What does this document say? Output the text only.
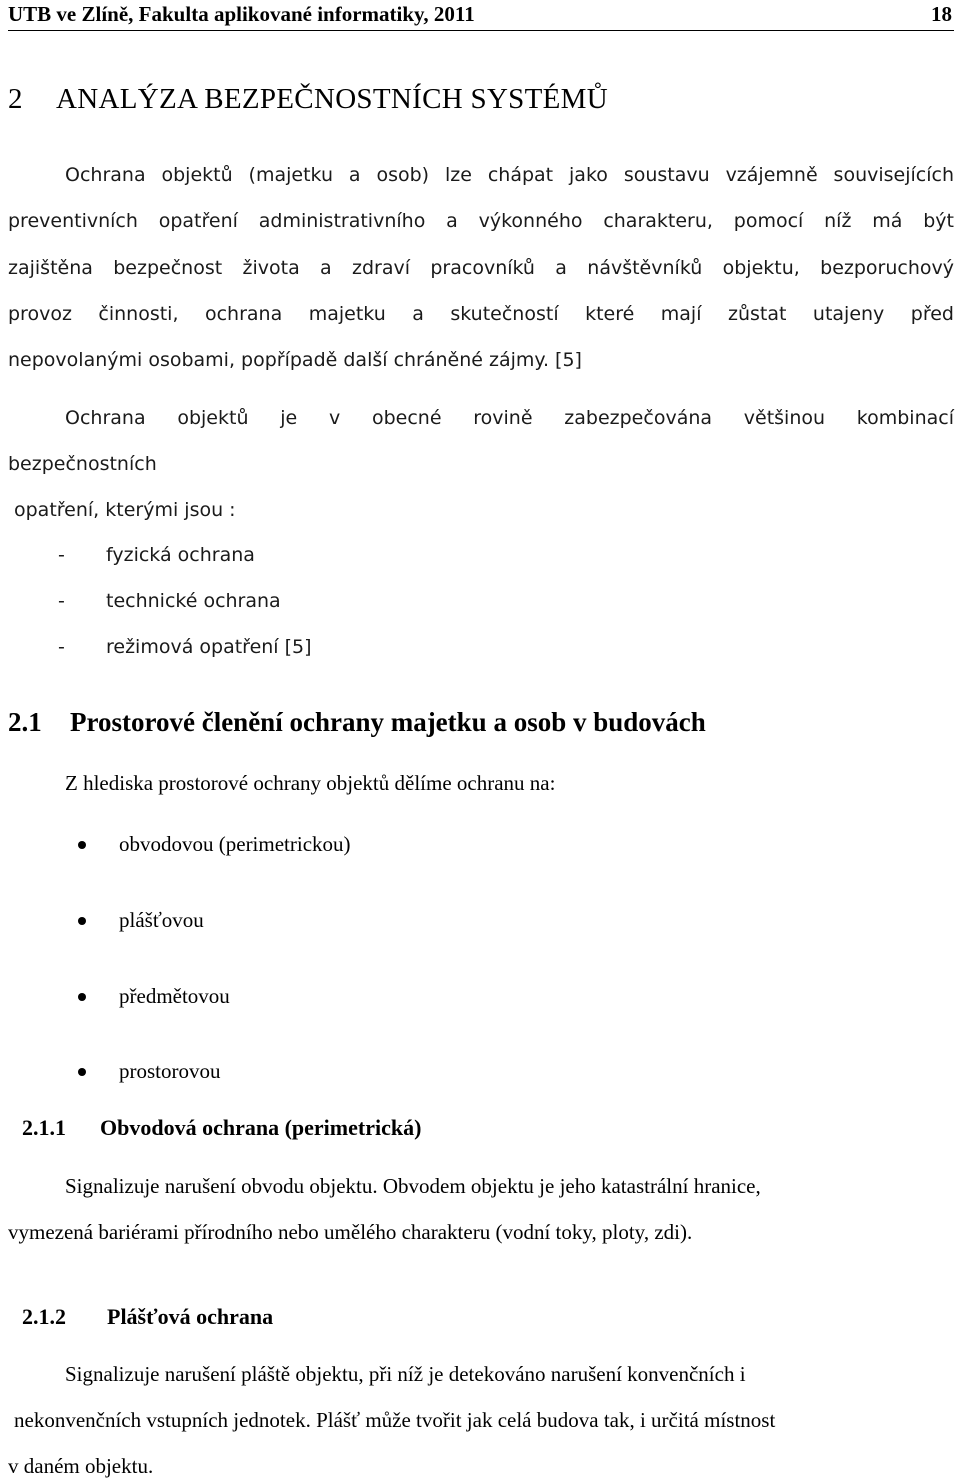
UTB ve Zlíně, Fakulta aplikované informatiky, 2011	18
2 ANALÝZA BEZPEČNOSTNÍCH SYSTÉMŮ
Ochrana objektů (majetku a osob) lze chápat jako soustavu vzájemně souvisejících
preventivních opatření administrativního a výkonného charakteru, pomocí níž má být
zajištěna bezpečnost života a zdraví pracovníků a návštěvníků objektu, bezporuchový
provoz činnosti, ochrana majetku a skutečností které mají zůstat utajeny před
nepovolanými osobami, popřípadě další chráněné zájmy. [5]
Ochrana objektů je v obecné rovině zabezpečována většinou kombinací
bezpečnostních
opatření, kterými jsou :
- fyzická ochrana
- technické ochrana
- režimová opatření [5]
2.1 Prostorové členění ochrany majetku a osob v budovách
Z hlediska prostorové ochrany objektů dělíme ochranu na:
obvodovou (perimetrickou)
plášťovou
předmětovou
prostorovou
2.1.1 Obvodová ochrana (perimetrická)
Signalizuje narušení obvodu objektu. Obvodem objektu je jeho katastrální hranice,
vymezená bariérami přírodního nebo umělého charakteru (vodní toky, ploty, zdi).
2.1.2 Plášťová ochrana
Signalizuje narušení pláště objektu, při níž je detekováno narušení konvenčních i
nekonvenčních vstupních jednotek. Plášť může tvořit jak celá budova tak, i určitá místnost
v daném objektu.
